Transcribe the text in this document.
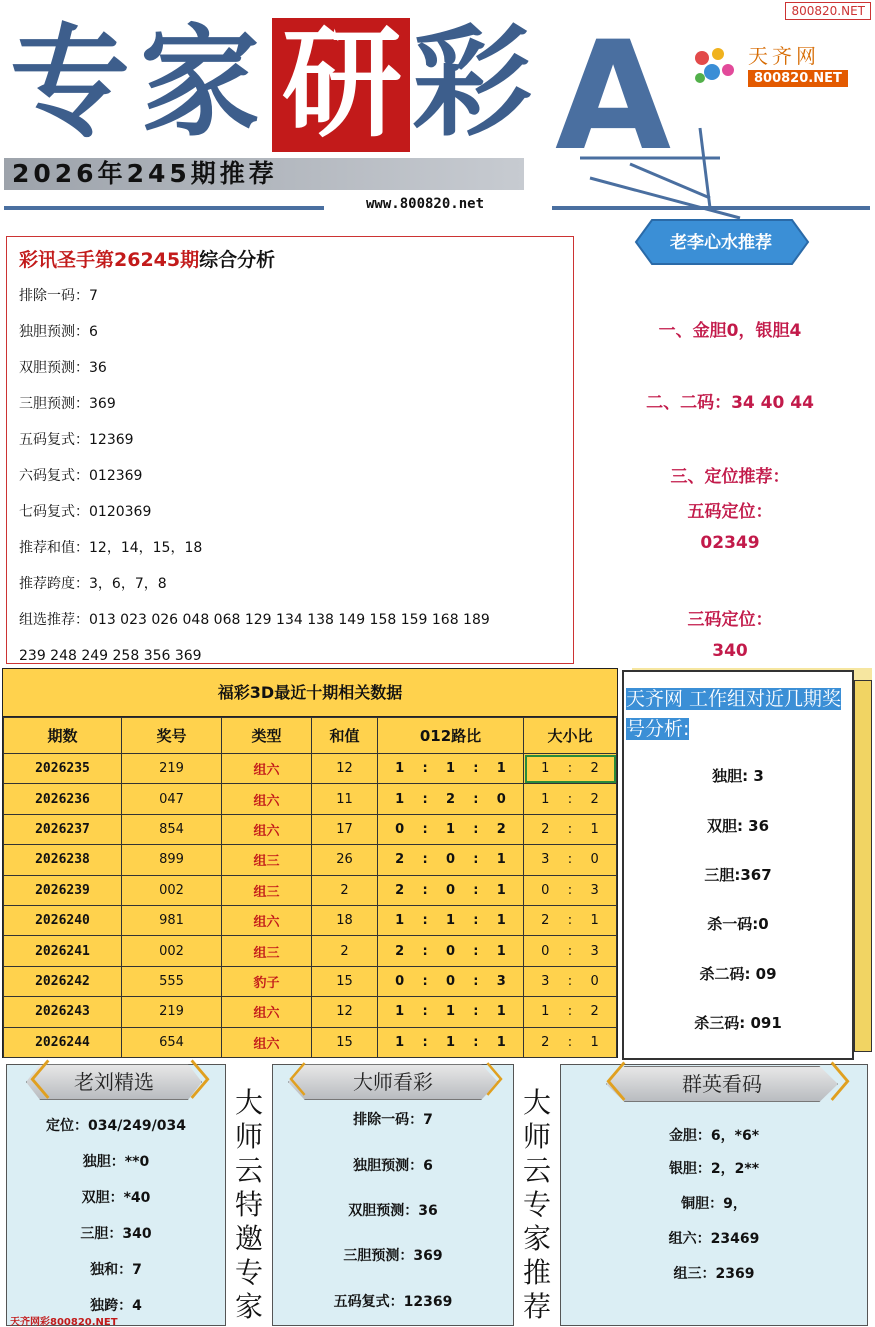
800820.NET
专 家 研 彩 A	天齐网
800820.NET
2026年245期推荐
www.800820.net
彩讯圣手第26245期综合分析
排除一码：7
独胆预测：6
双胆预测：36
三胆预测：369
五码复式：12369
六码复式：012369
七码复式：0120369
推荐和值：12，14，15，18
推荐跨度：3，6，7，8
组选推荐：013 023 026 048 068 129 134 138 149 158 159 168 189
239 248 249 258 356 369
老李心水推荐
一、金胆0，银胆4
二、二码：34 40 44
三、定位推荐：
五码定位：
02349
三码定位：
340
福彩3D最近十期相关数据
期数	奖号	类型	和值	012路比	大小比
2026235	219	组六	12	1 : 1 : 1	1 : 2

2026236	047	组六	11	1 : 2 : 0	1 : 2

2026237	854	组六	17	0 : 1 : 2	2 : 1

2026238	899	组三	26	2 : 0 : 1	3 : 0

2026239	002	组三	2	2 : 0 : 1	0 : 3

2026240	981	组六	18	1 : 1 : 1	2 : 1

2026241	002	组三	2	2 : 0 : 1	0 : 3

2026242	555	豹子	15	0 : 0 : 3	3 : 0

2026243	219	组六	12	1 : 1 : 1	1 : 2

2026244	654	组六	15	1 : 1 : 1	2 : 1
天齐网 工作组对近几期奖号分析:
独胆: 3
双胆: 36
三胆:367
杀一码:0
杀二码: 09
杀三码: 091
〈	〉
老刘精选
定位：034/249/034
独胆：**0
双胆：*40
三胆：340
独和：7
独跨：4
大
师
云
特
邀
专
家
〈	〉
大师看彩
排除一码：7
独胆预测：6
双胆预测：36
三胆预测：369
五码复式：12369
大
师
云
专
家
推
荐
〈	〉
群英看码
金胆：6，*6*
银胆：2，2**
铜胆：9，
组六：23469
组三：2369
天齐网彩800820.NET
